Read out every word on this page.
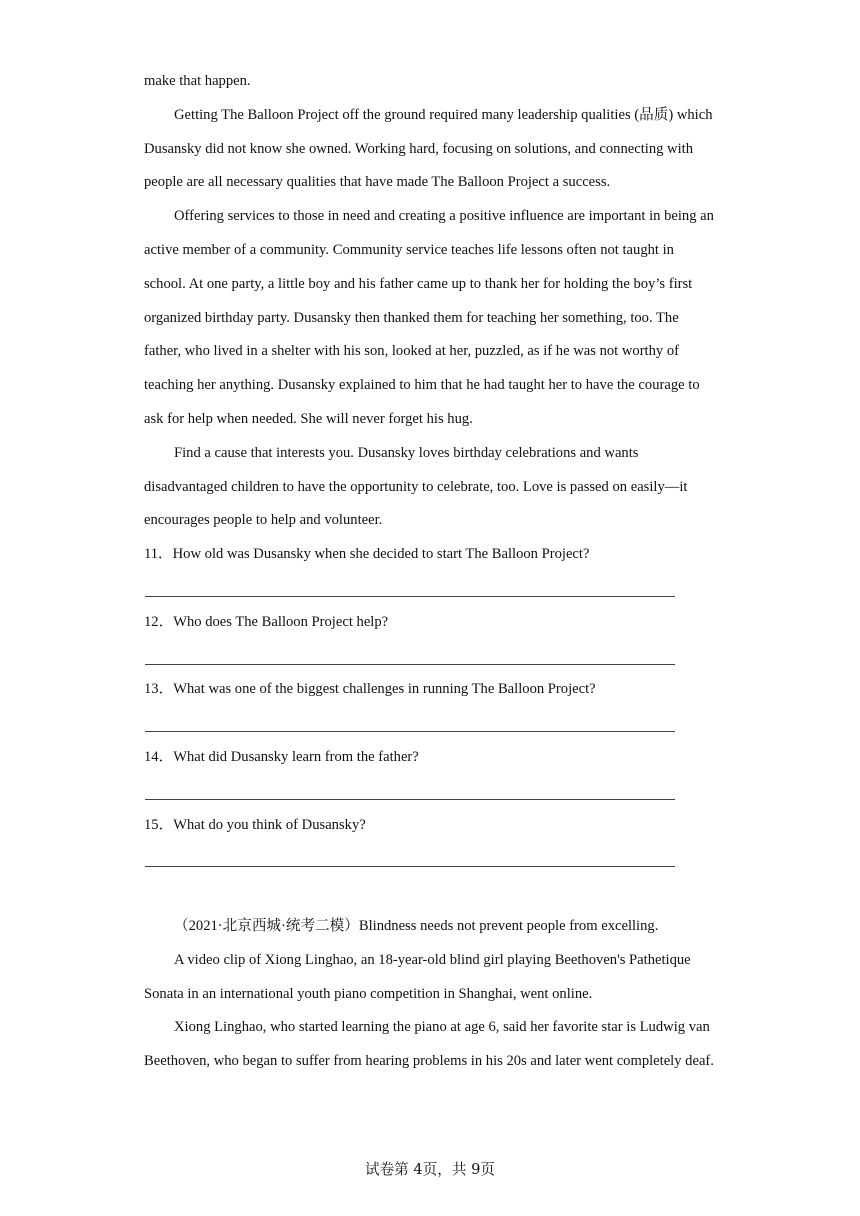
make that happen.

Getting The Balloon Project off the ground required many leadership qualities (品质) which Dusansky did not know she owned. Working hard, focusing on solutions, and connecting with people are all necessary qualities that have made The Balloon Project a success.

Offering services to those in need and creating a positive influence are important in being an active member of a community. Community service teaches life lessons often not taught in school. At one party, a little boy and his father came up to thank her for holding the boy’s first organized birthday party. Dusansky then thanked them for teaching her something, too. The father, who lived in a shelter with his son, looked at her, puzzled, as if he was not worthy of teaching her anything. Dusansky explained to him that he had taught her to have the courage to ask for help when needed. She will never forget his hug.

Find a cause that interests you. Dusansky loves birthday celebrations and wants disadvantaged children to have the opportunity to celebrate, too. Love is passed on easily—it encourages people to help and volunteer.

11．How old was Dusansky when she decided to start The Balloon Project?

12．Who does The Balloon Project help?

13．What was one of the biggest challenges in running The Balloon Project?

14．What did Dusansky learn from the father?

15．What do you think of Dusansky?

（2021·北京西城·统考二模）Blindness needs not prevent people from excelling.

A video clip of Xiong Linghao, an 18-year-old blind girl playing Beethoven's Pathetique Sonata in an international youth piano competition in Shanghai, went online.

Xiong Linghao, who started learning the piano at age 6, said her favorite star is Ludwig van Beethoven, who began to suffer from hearing problems in his 20s and later went completely deaf.

试卷第 4页，共 9页
